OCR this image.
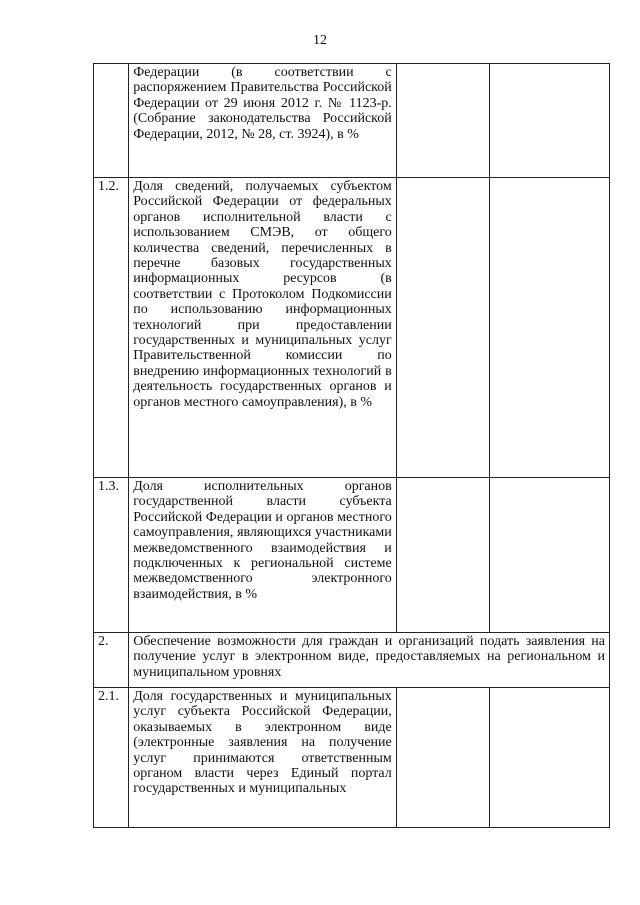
12
	Федерации (в соответствии с распоряжением Правительства Российской Федерации от 29 июня 2012 г. № 1123-р. (Собрание законодательства Российской Федерации, 2012, № 28, ст. 3924), в %		
1.2.	Доля сведений, получаемых субъектом Российской Федерации от федеральных органов исполнительной власти с использованием СМЭВ, от общего количества сведений, перечисленных в перечне базовых государственных информационных ресурсов (в соответствии с Протоколом Подкомиссии по использованию информационных технологий при предоставлении государственных и муниципальных услуг Правительственной комиссии по внедрению информационных технологий в деятельность государственных органов и органов местного самоуправления), в %		
1.3.	Доля исполнительных органов государственной власти субъекта Российской Федерации и органов местного самоуправления, являющихся участниками межведомственного взаимодействия и подключенных к региональной системе межведомственного электронного взаимодействия, в %		
2.	Обеспечение возможности для граждан и организаций подать заявления на получение услуг в электронном виде, предоставляемых на региональном и муниципальном уровнях		
2.1.	Доля государственных и муниципальных услуг субъекта Российской Федерации, оказываемых в электронном виде (электронные заявления на получение услуг принимаются ответственным органом власти через Единый портал государственных и муниципальных		
